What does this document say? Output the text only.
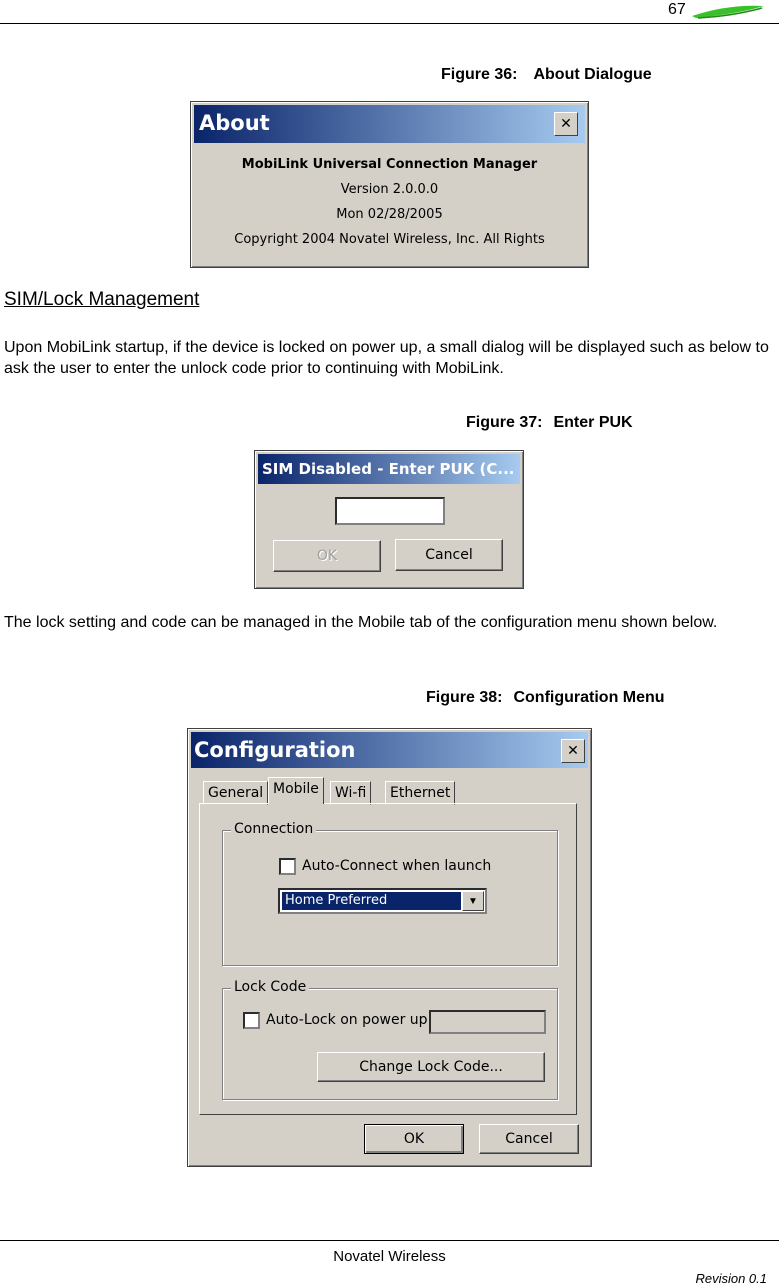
67
Figure 36: About Dialogue
About	✕
MobiLink Universal Connection Manager
Version 2.0.0.0
Mon 02/28/2005
Copyright 2004 Novatel Wireless, Inc. All Rights
SIM/Lock Management
Upon MobiLink startup, if the device is locked on power up, a small dialog will be displayed such as below to ask the user to enter the unlock code prior to continuing with MobiLink.
Figure 37: Enter PUK
SIM Disabled - Enter PUK (C...
OK	Cancel
The lock setting and code can be managed in the Mobile tab of the configuration menu shown below.
Figure 38: Configuration Menu
Configuration	✕
General Mobile	Wi-fi	Ethernet
Connection
Auto-Connect when launch
Home Preferred	▼
Lock Code
Auto-Lock on power up
Change Lock Code...
OK	Cancel
Novatel Wireless
Revision 0.1
